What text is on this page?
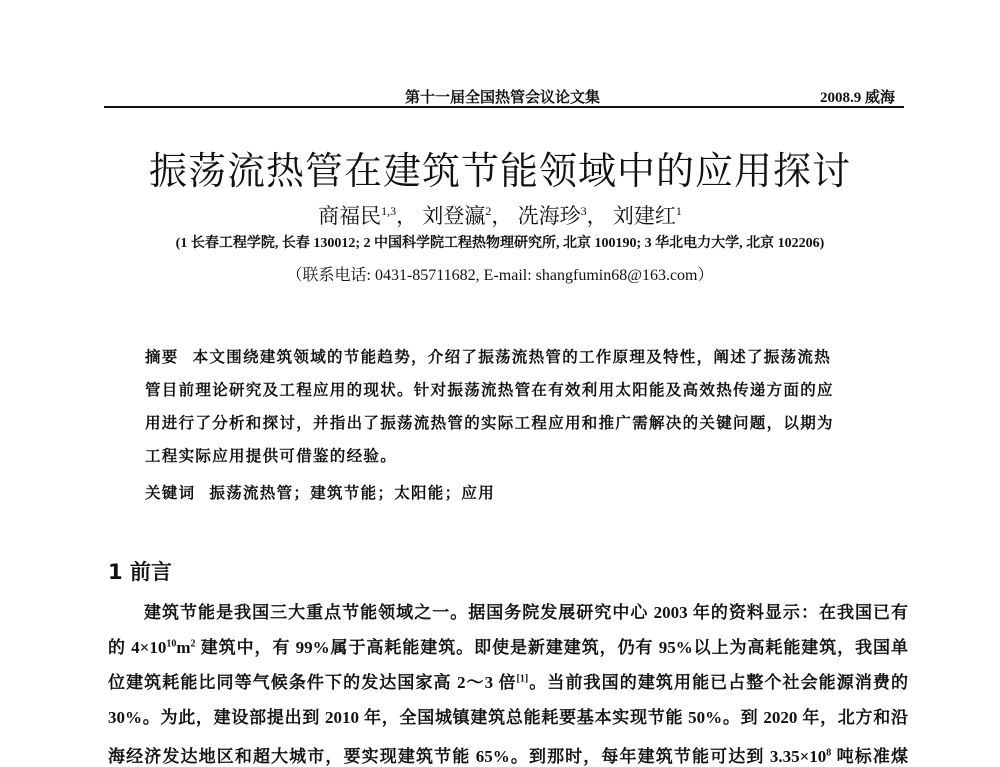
第十一届全国热管会议论文集	2008.9 威海
振荡流热管在建筑节能领域中的应用探讨
商福民$^{1,3}$， 刘登瀛$^2$， 冼海珍$^3$， 刘建红$^1$
(1 长春工程学院, 长春 130012; 2 中国科学院工程热物理研究所, 北京 100190; 3 华北电力大学, 北京 102206)
（联系电话: 0431-85711682, E-mail: shangfumin68@163.com）
摘要 本文围绕建筑领域的节能趋势，介绍了振荡流热管的工作原理及特性，阐述了振荡流热
管目前理论研究及工程应用的现状。针对振荡流热管在有效利用太阳能及高效热传递方面的应
用进行了分析和探讨，并指出了振荡流热管的实际工程应用和推广需解决的关键问题，以期为
工程实际应用提供可借鉴的经验。
关键词 振荡流热管；建筑节能；太阳能；应用
1 前言
　　建筑节能是我国三大重点节能领域之一。据国务院发展研究中心 2003 年的资料显示：在我国已有
的 $4\times 10^{10}m^2$ 建筑中，有 99%属于高耗能建筑。即使是新建建筑，仍有 95%以上为高耗能建筑，我国单
位建筑耗能比同等气候条件下的发达国家高 2～3 倍[1]。当前我国的建筑用能已占整个社会能源消费的
30%。为此，建设部提出到 2010 年，全国城镇建筑总能耗要基本实现节能 50%。到 2020 年，北方和沿
海经济发达地区和超大城市，要实现建筑节能 65%。到那时，每年建筑节能可达到 $3.35\times 10^8$ 吨标准煤
